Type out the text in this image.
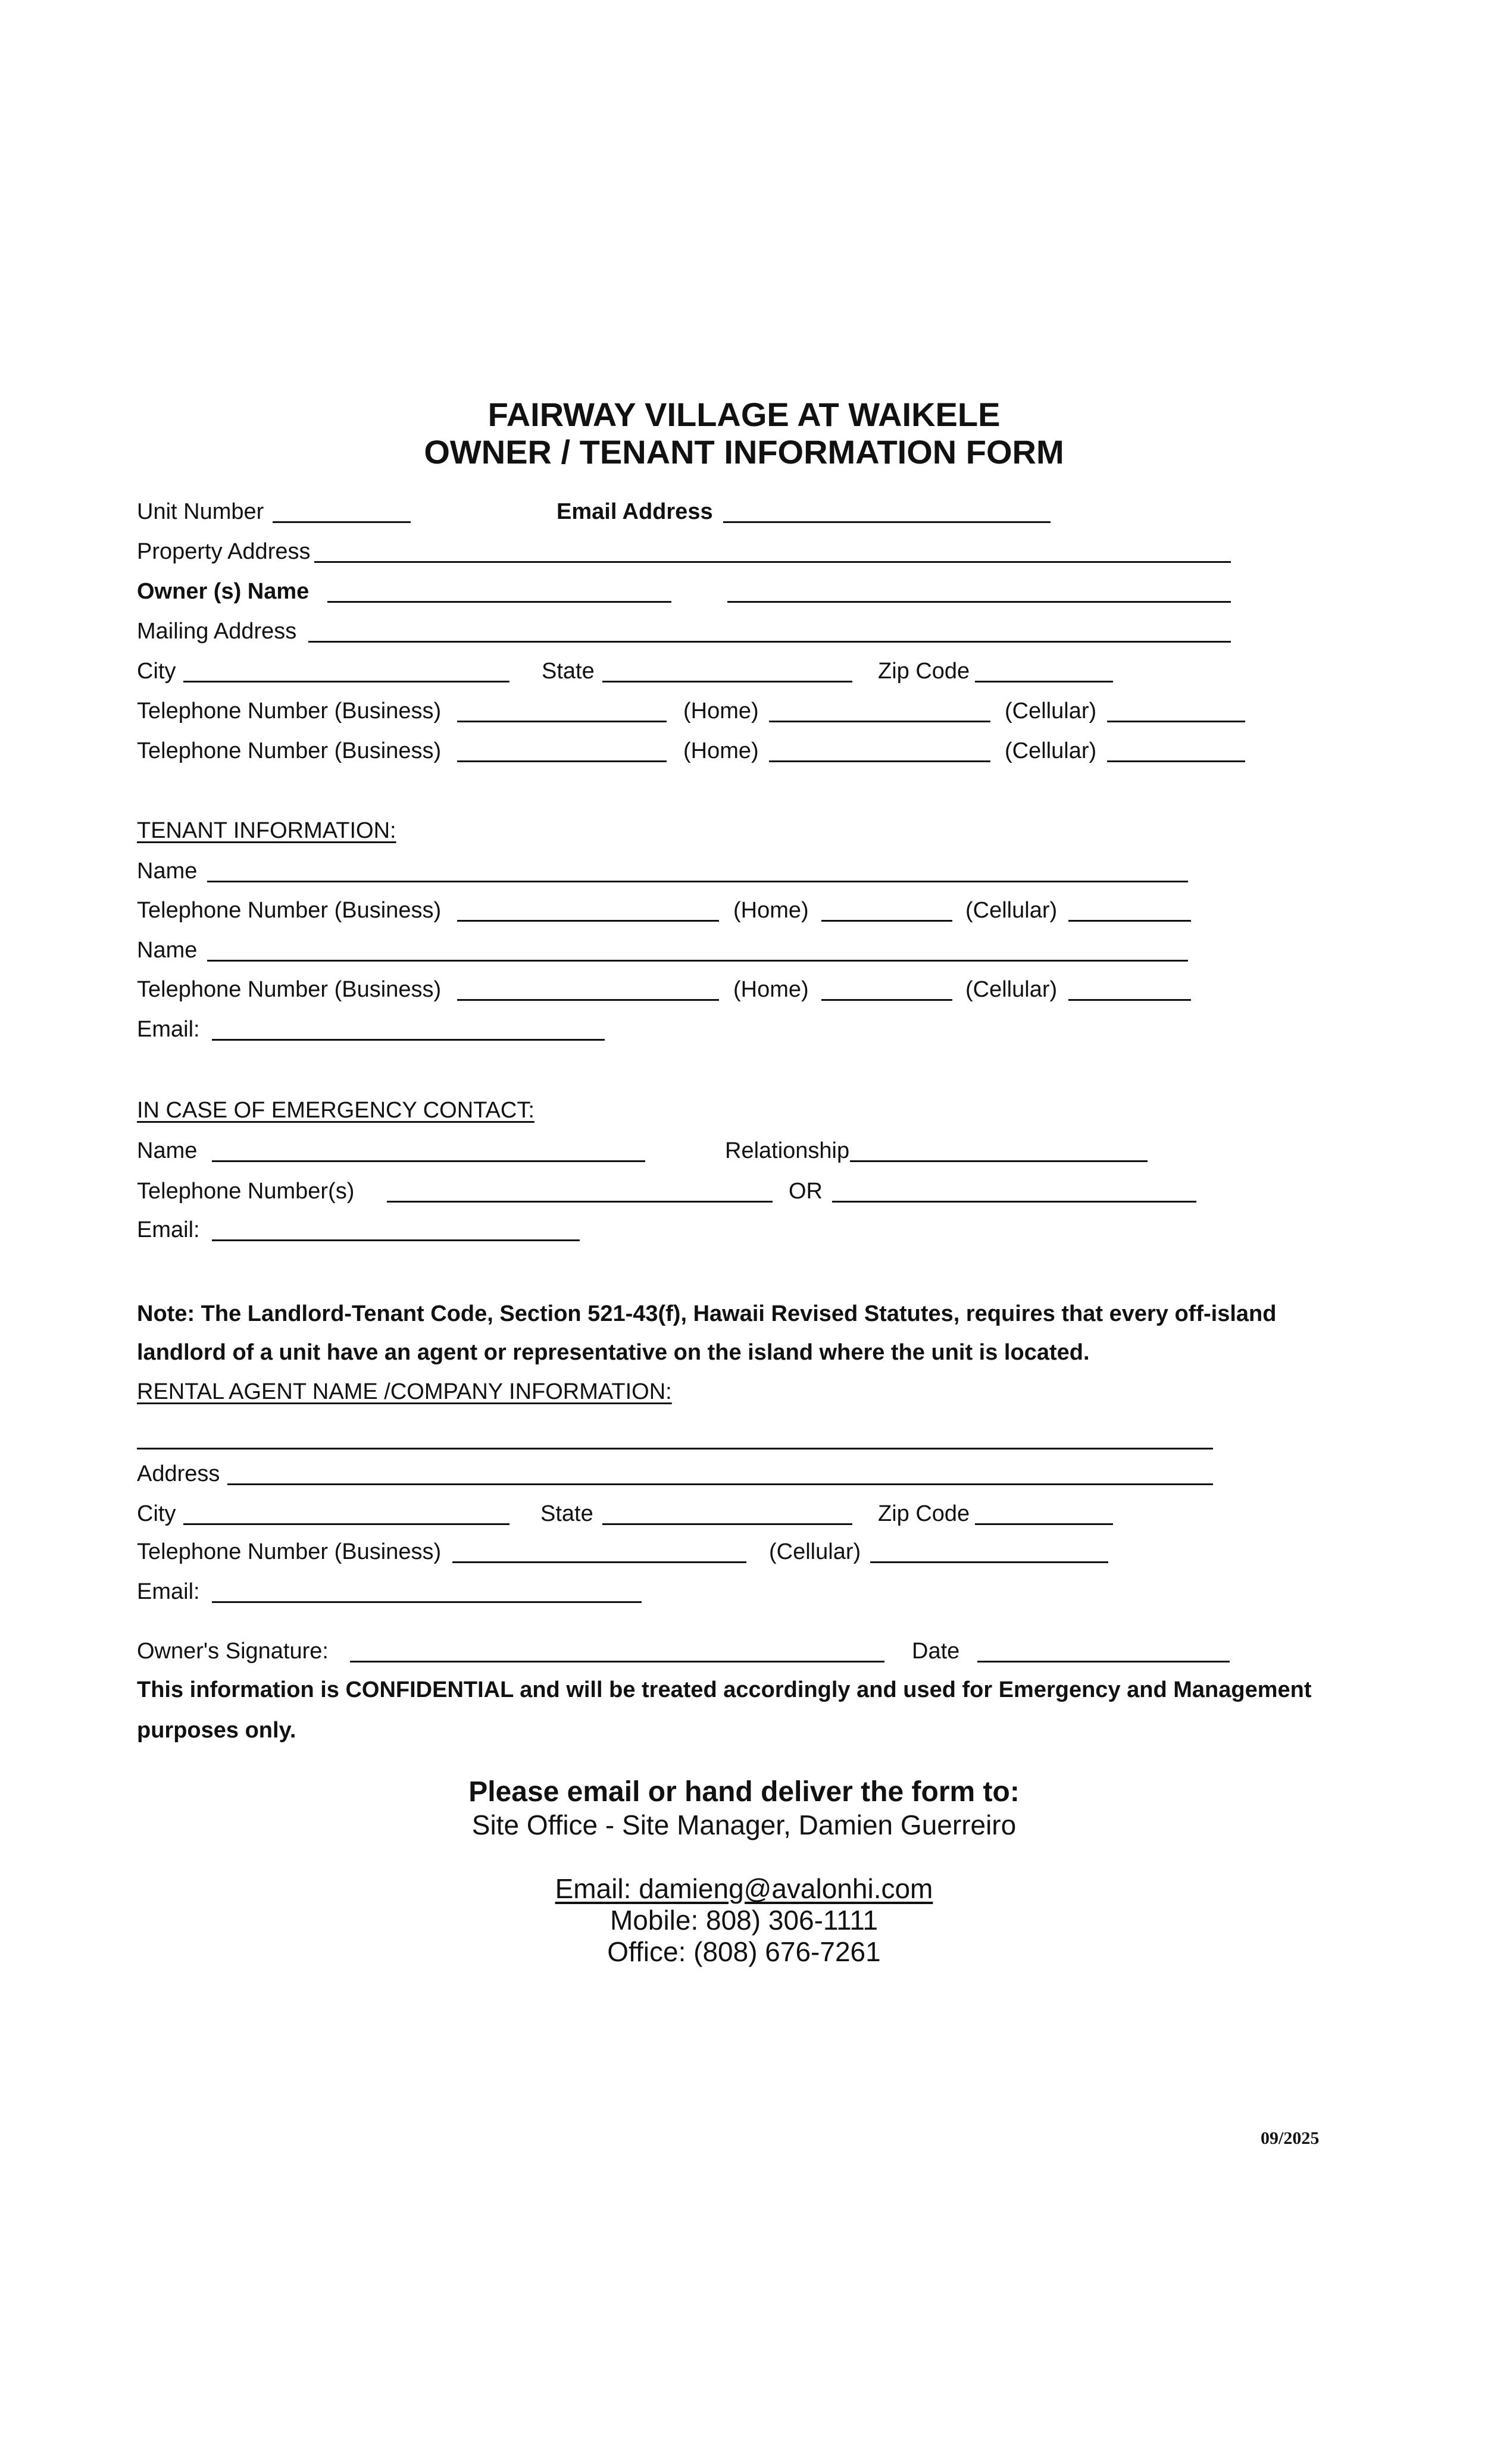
FAIRWAY VILLAGE AT WAIKELE
OWNER / TENANT INFORMATION FORM
Unit Number	Email Address
Property Address
Owner (s) Name
Mailing Address
City	State	Zip Code
Telephone Number (Business)	(Home)	(Cellular)
Telephone Number (Business)	(Home)	(Cellular)
TENANT INFORMATION:
Name
Telephone Number (Business)	(Home)	(Cellular)
Name
Telephone Number (Business)	(Home)	(Cellular)
Email:
IN CASE OF EMERGENCY CONTACT:
Name	Relationship
Telephone Number(s)	OR
Email:
Note: The Landlord-Tenant Code, Section 521-43(f), Hawaii Revised Statutes, requires that every off-island
landlord of a unit have an agent or representative on the island where the unit is located.
RENTAL AGENT NAME /COMPANY INFORMATION:
Address
City	State	Zip Code
Telephone Number (Business)	(Cellular)
Email:
Owner's Signature:	Date
This information is CONFIDENTIAL and will be treated accordingly and used for Emergency and Management
purposes only.
Please email or hand deliver the form to:
Site Office - Site Manager, Damien Guerreiro
Email: damieng@avalonhi.com
Mobile: 808) 306-1111
Office: (808) 676-7261
09/2025
